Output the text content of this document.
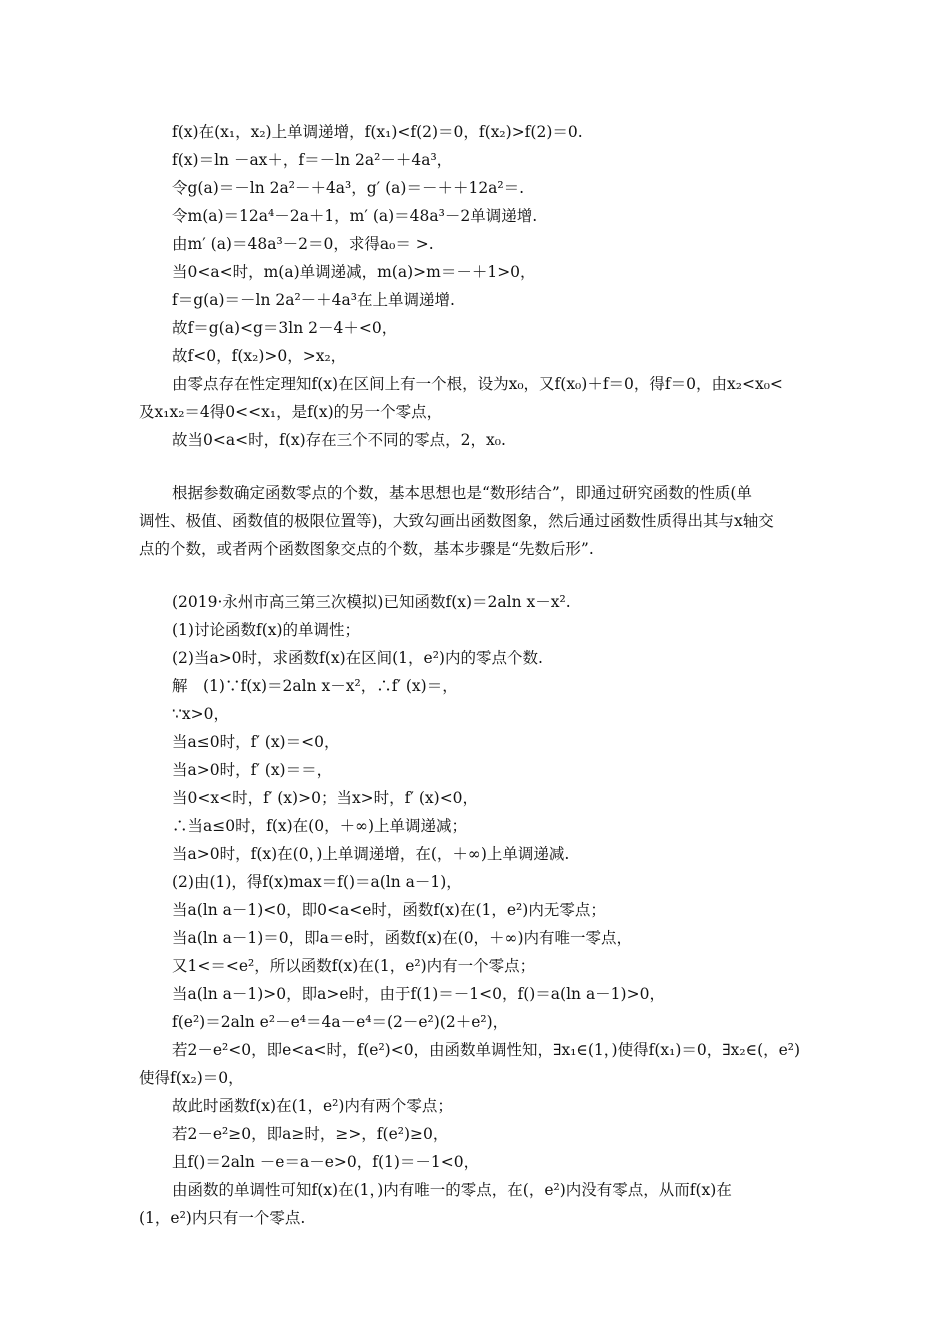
f(x)在(x₁，x₂)上单调递增，f(x₁)<f(2)＝0，f(x₂)>f(2)＝0.
f(x)＝ln －ax＋，f＝－ln 2a²－＋4a³，
令g(a)＝－ln 2a²－＋4a³，g′ (a)＝－＋＋12a²＝.
令m(a)＝12a⁴－2a＋1，m′ (a)＝48a³－2单调递增.
由m′ (a)＝48a³－2＝0，求得a₀＝ >.
当0<a<时，m(a)单调递减，m(a)>m＝－＋1>0，
f＝g(a)＝－ln 2a²－＋4a³在上单调递增.
故f＝g(a)<g＝3ln 2－4＋<0，
故f<0，f(x₂)>0，>x₂，
由零点存在性定理知f(x)在区间上有一个根，设为x₀，又f(x₀)＋f＝0，得f＝0，由x₂<x₀<
及x₁x₂＝4得0<<x₁，是f(x)的另一个零点，
故当0<a<时，f(x)存在三个不同的零点，2，x₀.
根据参数确定函数零点的个数，基本思想也是“数形结合”，即通过研究函数的性质(单
调性、极值、函数值的极限位置等)，大致勾画出函数图象，然后通过函数性质得出其与x轴交
点的个数，或者两个函数图象交点的个数，基本步骤是“先数后形”.
(2019·永州市高三第三次模拟)已知函数f(x)＝2aln x－x².
(1)讨论函数f(x)的单调性；
(2)当a>0时，求函数f(x)在区间(1，e²)内的零点个数.
解　(1)∵f(x)＝2aln x－x²，∴f′ (x)＝，
∵x>0，
当a≤0时，f′ (x)＝<0，
当a>0时，f′ (x)＝＝，
当0<x<时，f′ (x)>0；当x>时，f′ (x)<0，
∴当a≤0时，f(x)在(0，＋∞)上单调递减；
当a>0时，f(x)在(0，)上单调递增，在(，＋∞)上单调递减.
(2)由(1)，得f(x)max＝f()＝a(ln a－1)，
当a(ln a－1)<0，即0<a<e时，函数f(x)在(1，e²)内无零点；
当a(ln a－1)＝0，即a＝e时，函数f(x)在(0，＋∞)内有唯一零点，
又1<＝<e²，所以函数f(x)在(1，e²)内有一个零点；
当a(ln a－1)>0，即a>e时，由于f(1)＝－1<0，f()＝a(ln a－1)>0，
f(e²)＝2aln e²－e⁴＝4a－e⁴＝(2－e²)(2＋e²)，
若2－e²<0，即e<a<时，f(e²)<0，由函数单调性知，∃x₁∈(1，)使得f(x₁)＝0，∃x₂∈(，e²)
使得f(x₂)＝0，
故此时函数f(x)在(1，e²)内有两个零点；
若2－e²≥0，即a≥时，≥>，f(e²)≥0，
且f()＝2aln －e＝a－e>0，f(1)＝－1<0，
由函数的单调性可知f(x)在(1，)内有唯一的零点，在(，e²)内没有零点，从而f(x)在
(1，e²)内只有一个零点.
